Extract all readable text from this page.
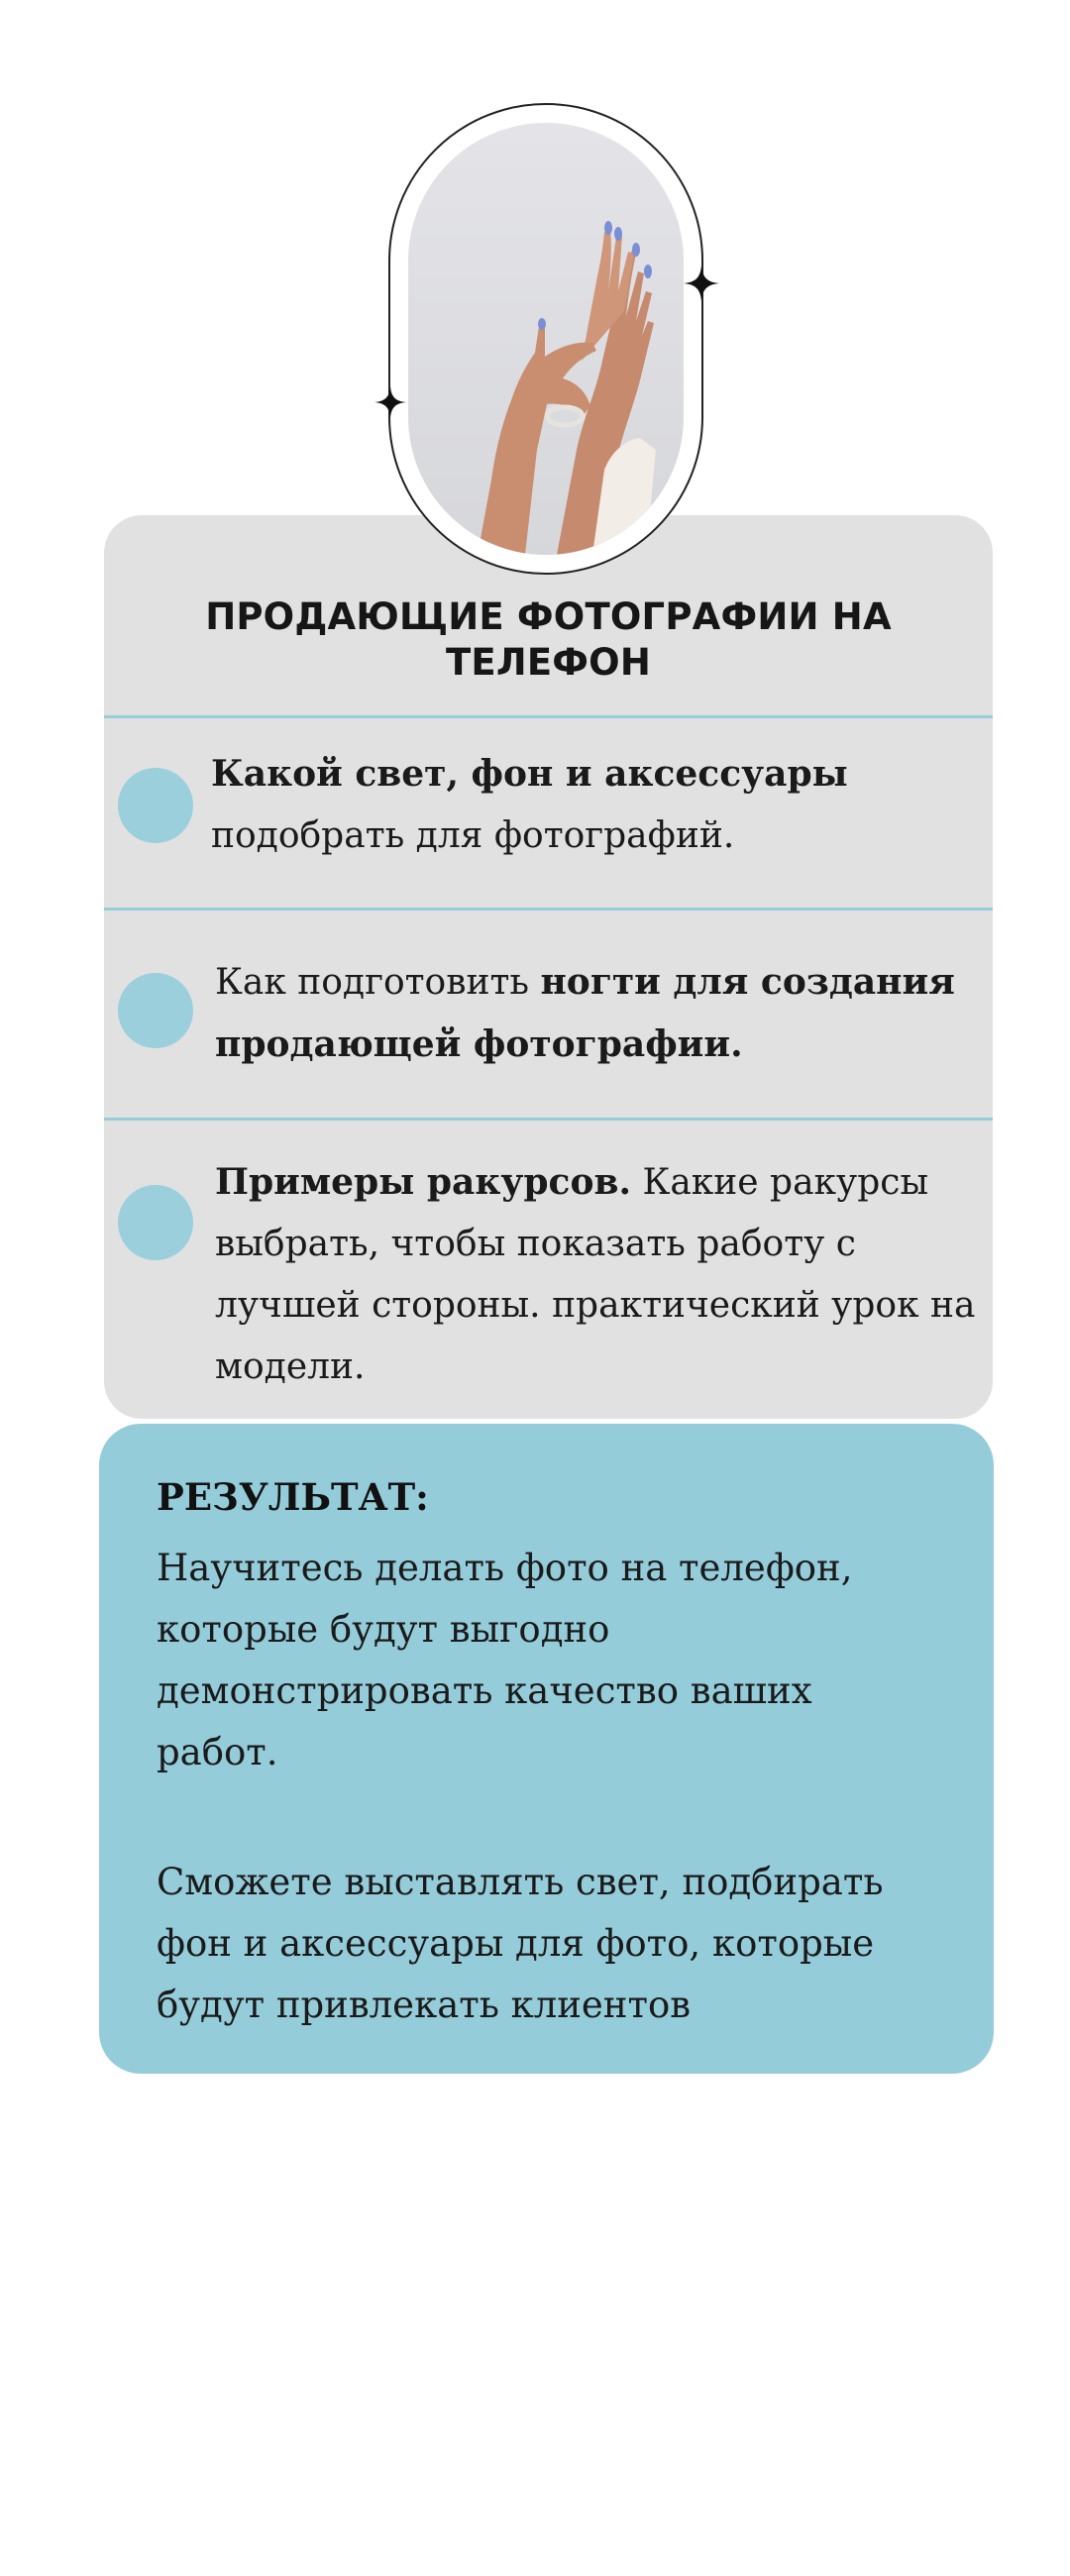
ПРОДАЮЩИЕ ФОТОГРАФИИ НА ТЕЛЕФОН
Какой свет, фон и аксессуары
подобрать для фотографий.
Как подготовить ногти для создания продающей фотографии.
Примеры ракурсов. Какие ракурсы выбрать, чтобы показать работу с лучшей стороны. практический урок на модели.
РЕЗУЛЬТАТ:
Научитесь делать фото на телефон, которые будут выгодно демонстрировать качество ваших работ.
Сможете выставлять свет, подбирать фон и аксессуары для фото, которые будут привлекать клиентов
